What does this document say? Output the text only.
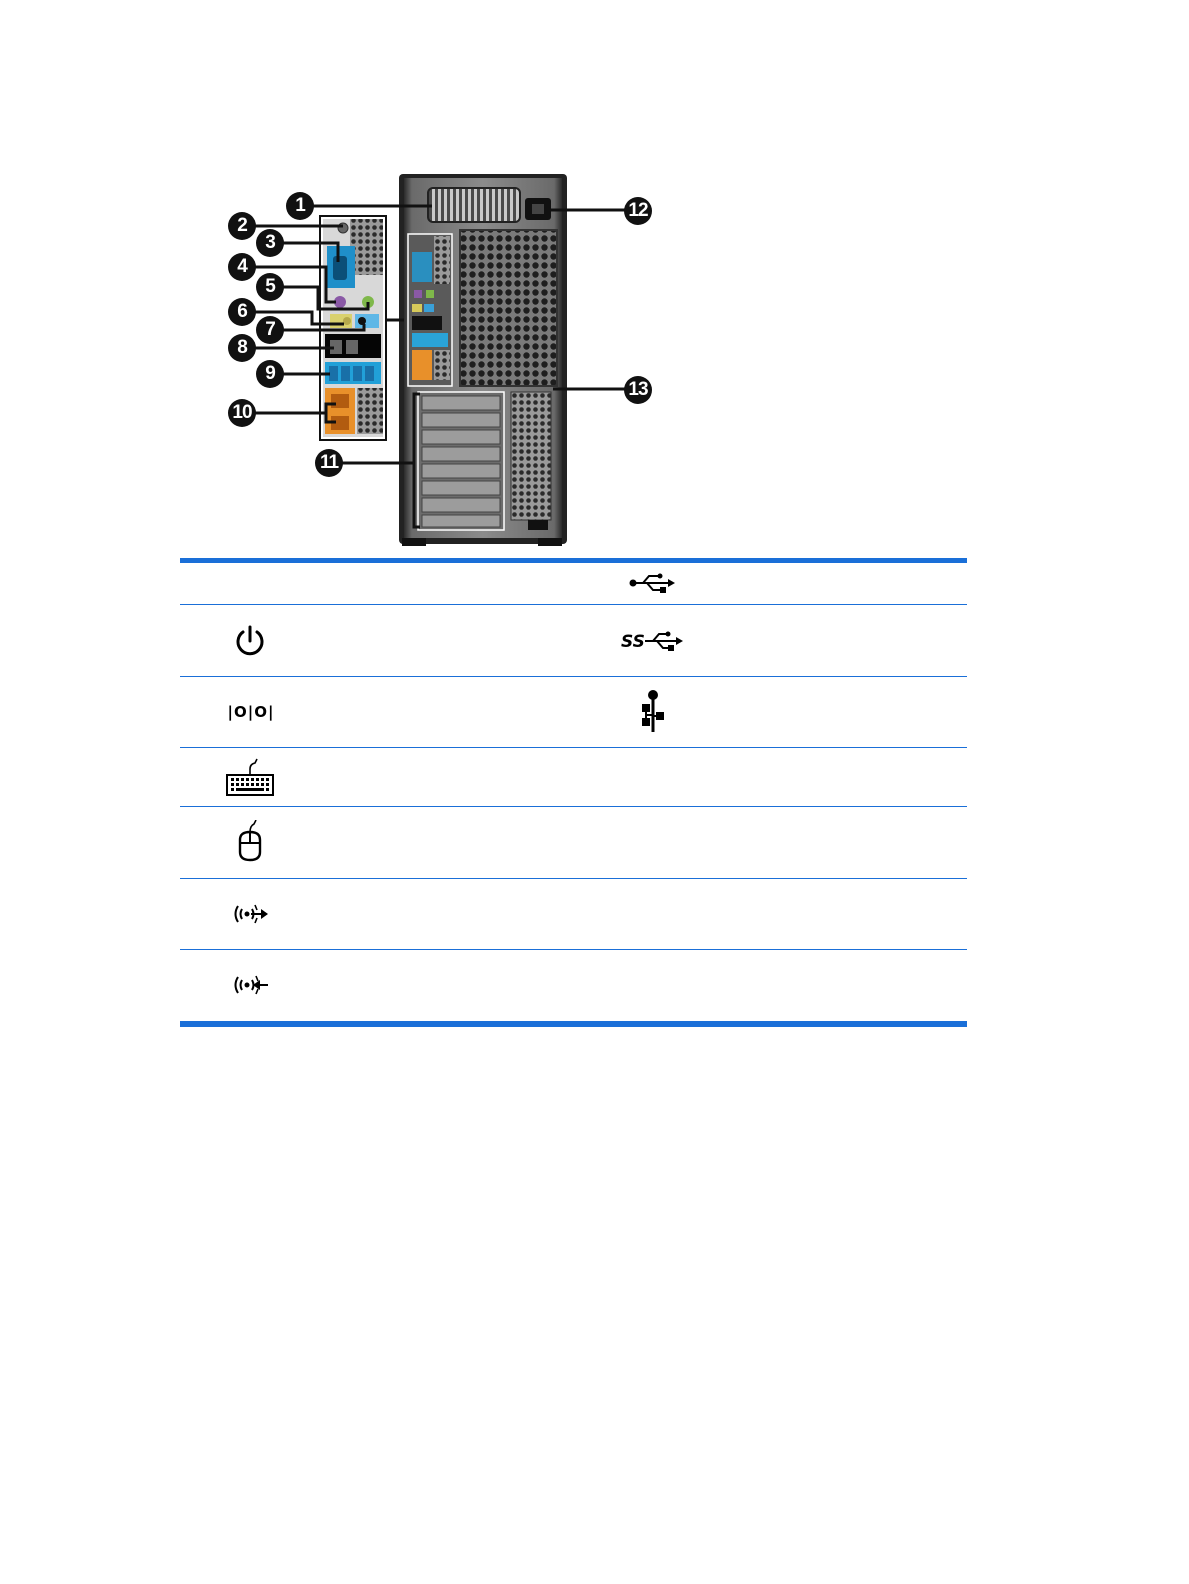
1
2
3
4
5
6
7
8
9
10
11
12
13
SS
|O|O|
